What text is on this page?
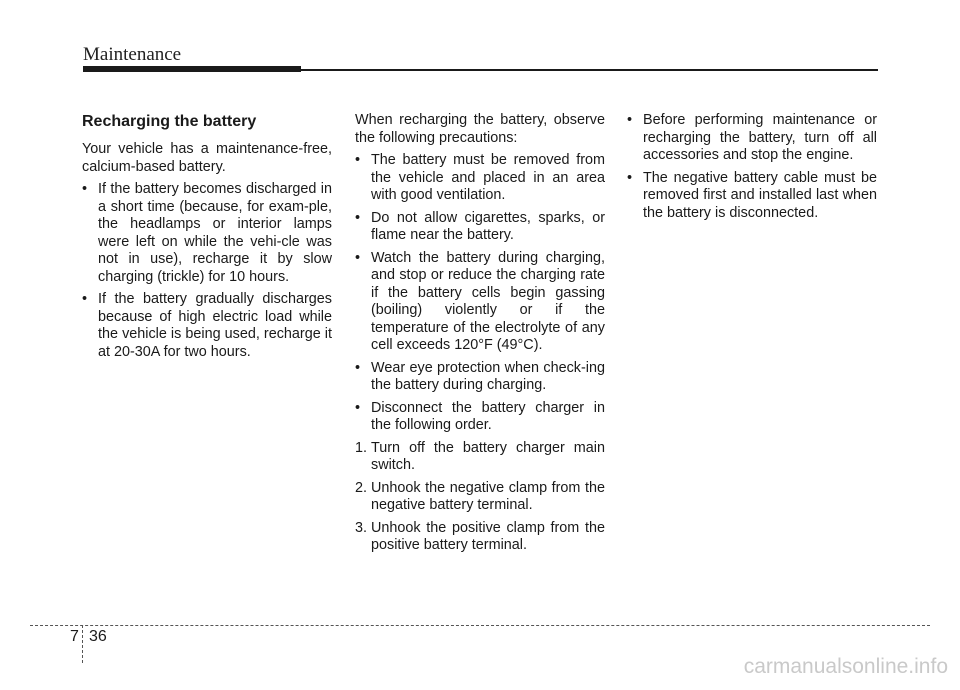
Maintenance
Recharging the battery

Your vehicle has a maintenance-free, calcium-based battery.

• If the battery becomes discharged in a short time (because, for exam-ple, the headlamps or interior lamps were left on while the vehi-cle was not in use), recharge it by slow charging (trickle) for 10 hours.
• If the battery gradually discharges because of high electric load while the vehicle is being used, recharge it at 20-30A for two hours.

When recharging the battery, observe the following precautions:

• The battery must be removed from the vehicle and placed in an area with good ventilation.
• Do not allow cigarettes, sparks, or flame near the battery.
• Watch the battery during charging, and stop or reduce the charging rate if the battery cells begin gassing (boiling) violently or if the temperature of the electrolyte of any cell exceeds 120°F (49°C).
• Wear eye protection when check-ing the battery during charging.
• Disconnect the battery charger in the following order.
1. Turn off the battery charger main switch.
2. Unhook the negative clamp from the negative battery terminal.
3. Unhook the positive clamp from the positive battery terminal.
• Before performing maintenance or recharging the battery, turn off all accessories and stop the engine.
• The negative battery cable must be removed first and installed last when the battery is disconnected.
7 36
carmanualsonline.info
